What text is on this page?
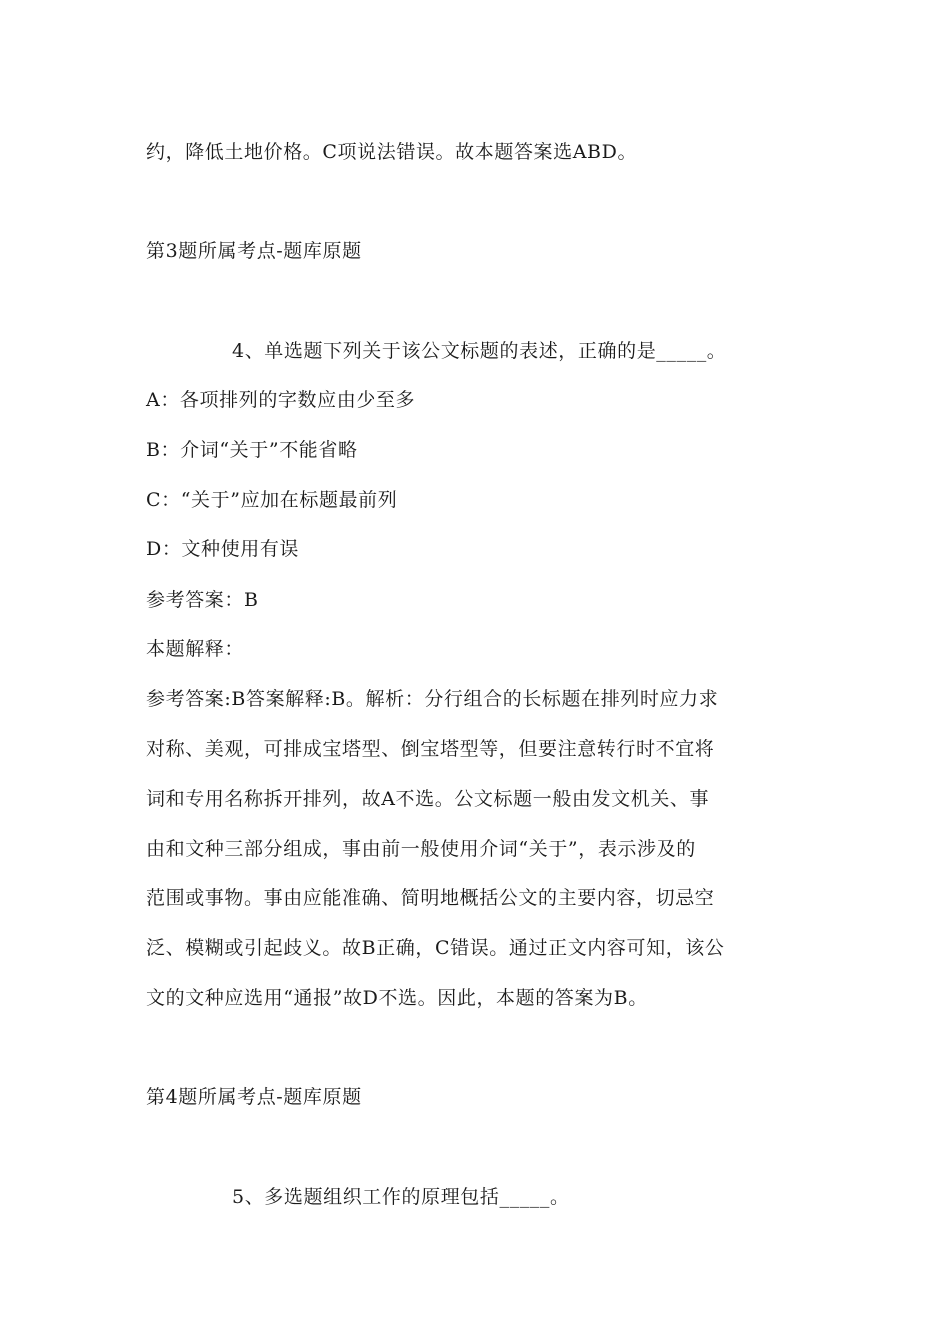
约，降低土地价格。C项说法错误。故本题答案选ABD。
第3题所属考点-题库原题
4、单选题下列关于该公文标题的表述，正确的是_____。
A：各项排列的字数应由少至多
B：介词“关于”不能省略
C：“关于”应加在标题最前列
D：文种使用有误
参考答案：B
本题解释：
参考答案:B答案解释:B。解析：分行组合的长标题在排列时应力求
对称、美观，可排成宝塔型、倒宝塔型等，但要注意转行时不宜将
词和专用名称拆开排列，故A不选。公文标题一般由发文机关、事
由和文种三部分组成，事由前一般使用介词“关于”，表示涉及的
范围或事物。事由应能准确、简明地概括公文的主要内容，切忌空
泛、模糊或引起歧义。故B正确，C错误。通过正文内容可知，该公
文的文种应选用“通报”故D不选。因此，本题的答案为B。
第4题所属考点-题库原题
5、多选题组织工作的原理包括_____。
